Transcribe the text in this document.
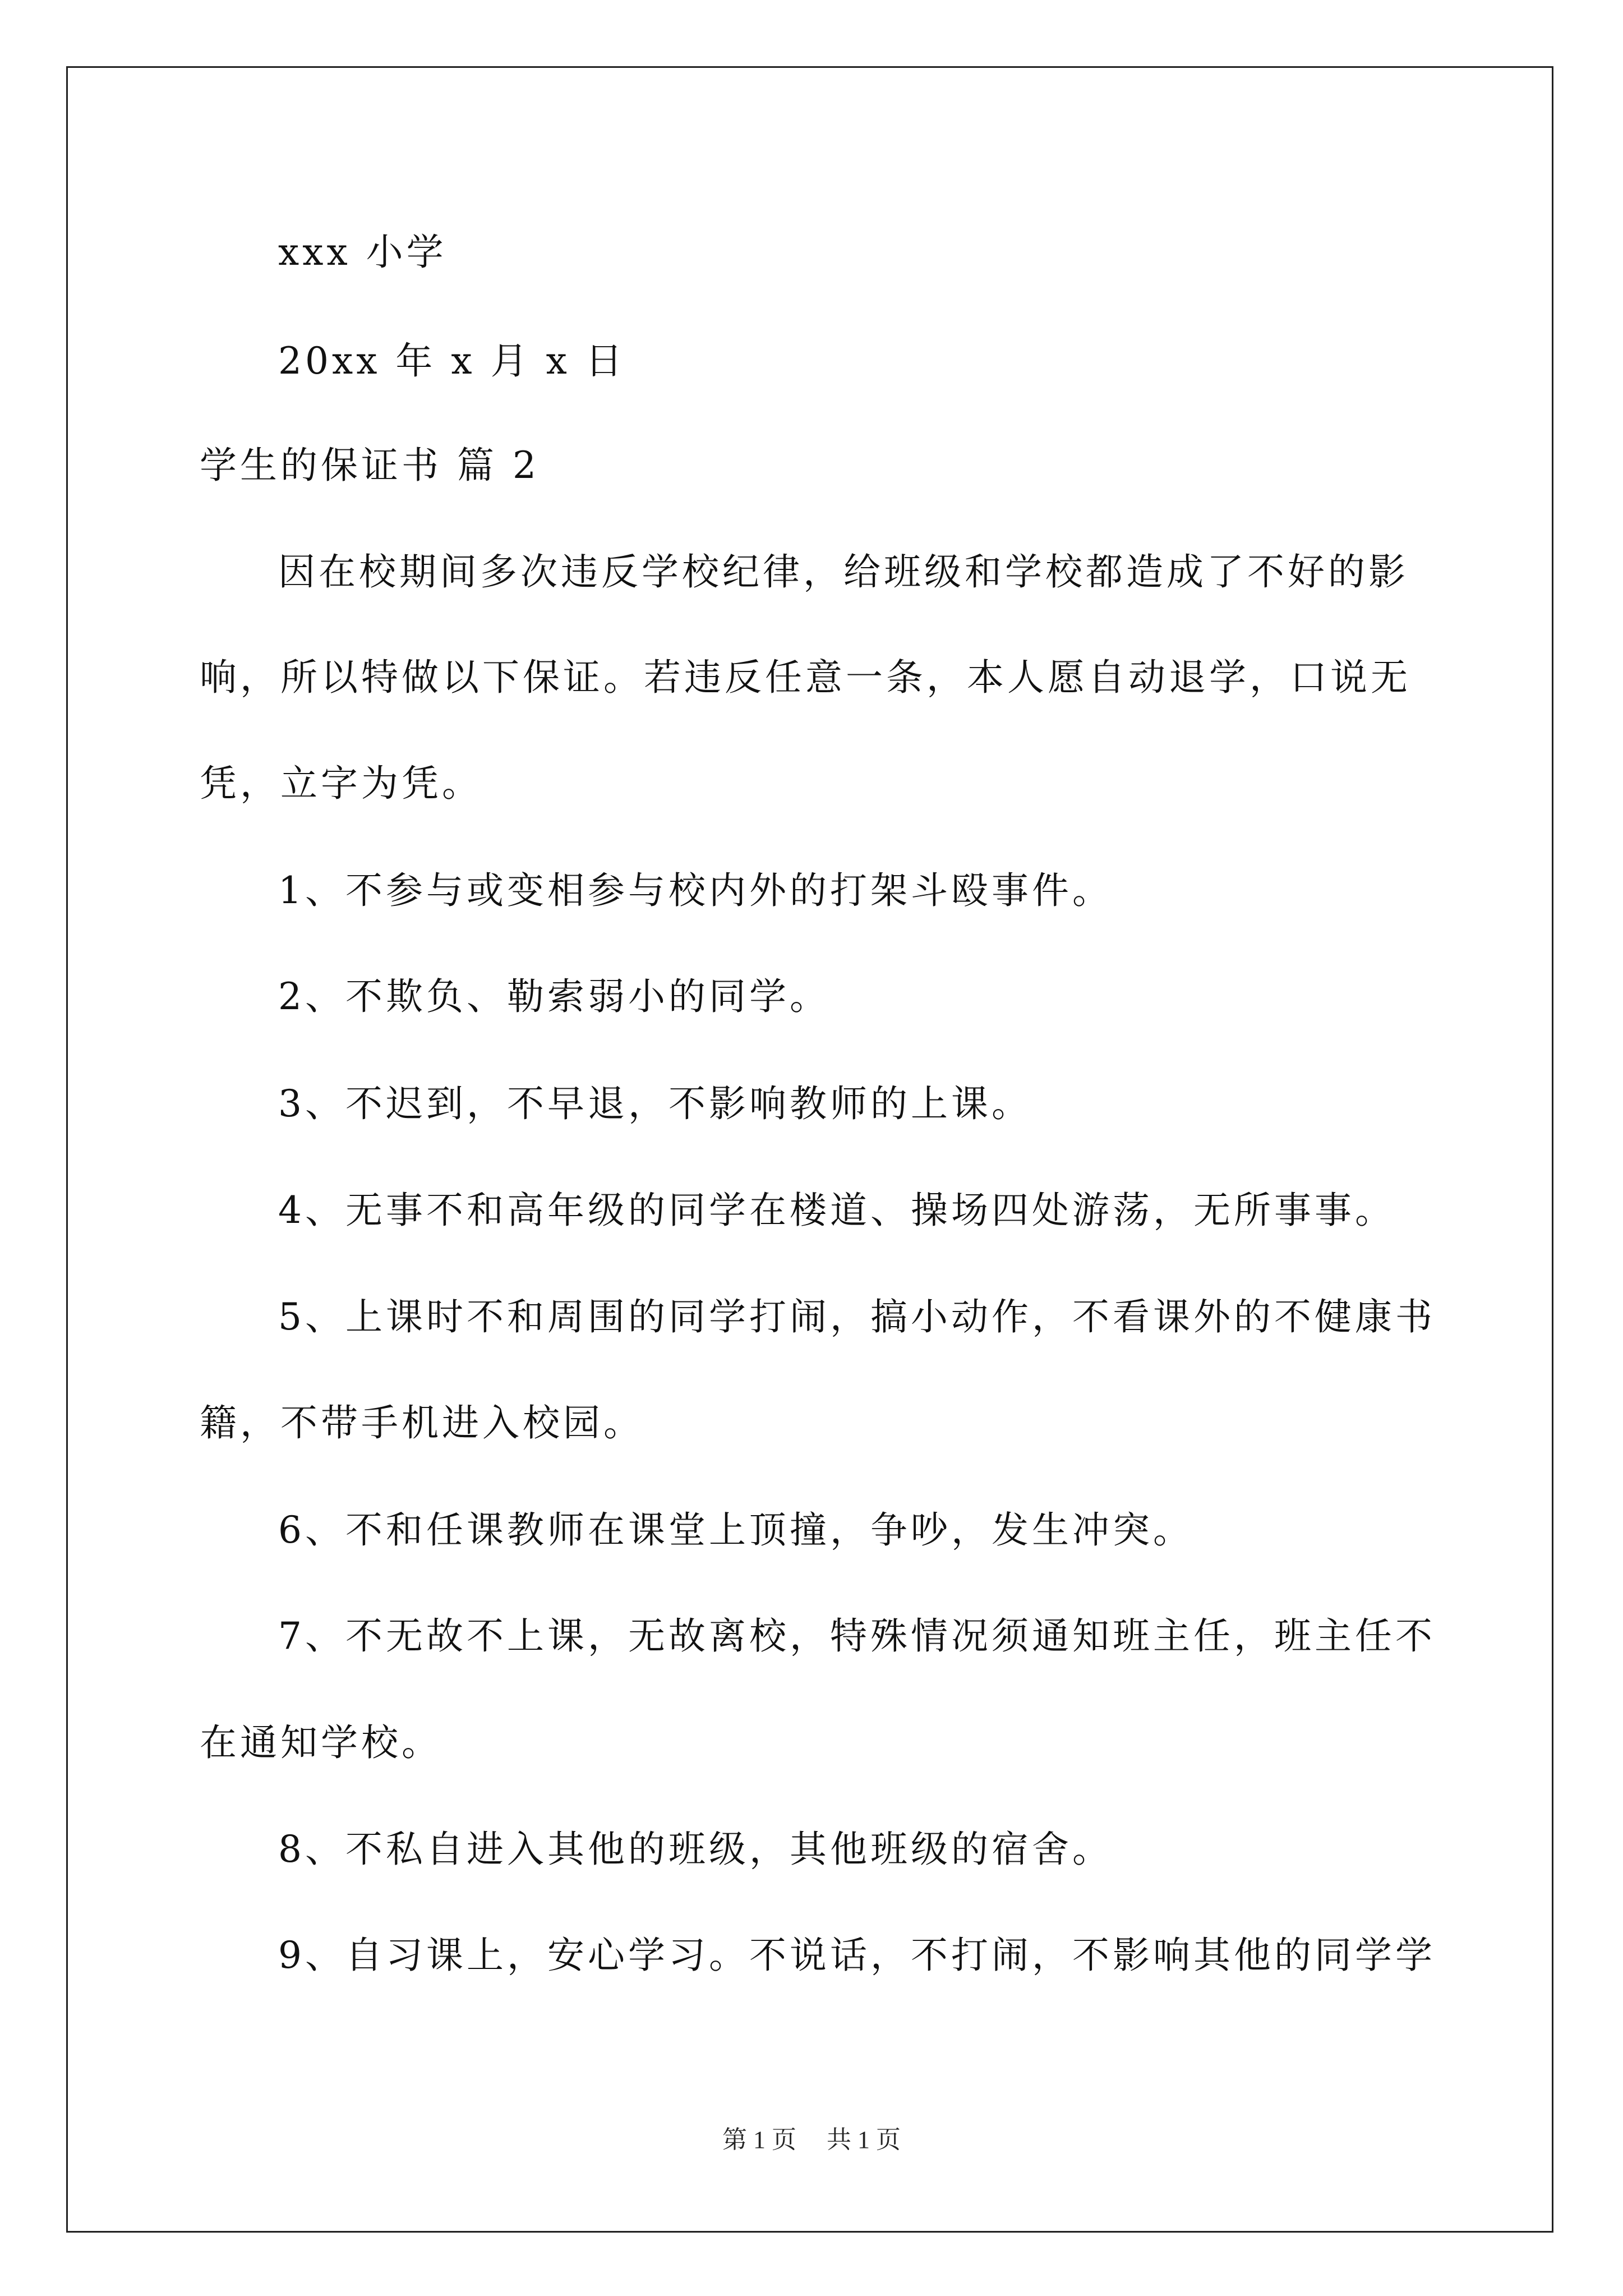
xxx 小学
20xx 年 x 月 x 日
学生的保证书 篇 2
因在校期间多次违反学校纪律，给班级和学校都造成了不好的影
响，所以特做以下保证。若违反任意一条，本人愿自动退学，口说无
凭，立字为凭。
1、不参与或变相参与校内外的打架斗殴事件。
2、不欺负、勒索弱小的同学。
3、不迟到，不早退，不影响教师的上课。
4、无事不和高年级的同学在楼道、操场四处游荡，无所事事。
5、上课时不和周围的同学打闹，搞小动作，不看课外的不健康书
籍，不带手机进入校园。
6、不和任课教师在课堂上顶撞，争吵，发生冲突。
7、不无故不上课，无故离校，特殊情况须通知班主任，班主任不
在通知学校。
8、不私自进入其他的班级，其他班级的宿舍。
9、自习课上，安心学习。不说话，不打闹，不影响其他的同学学
第 1 页 共 1 页
